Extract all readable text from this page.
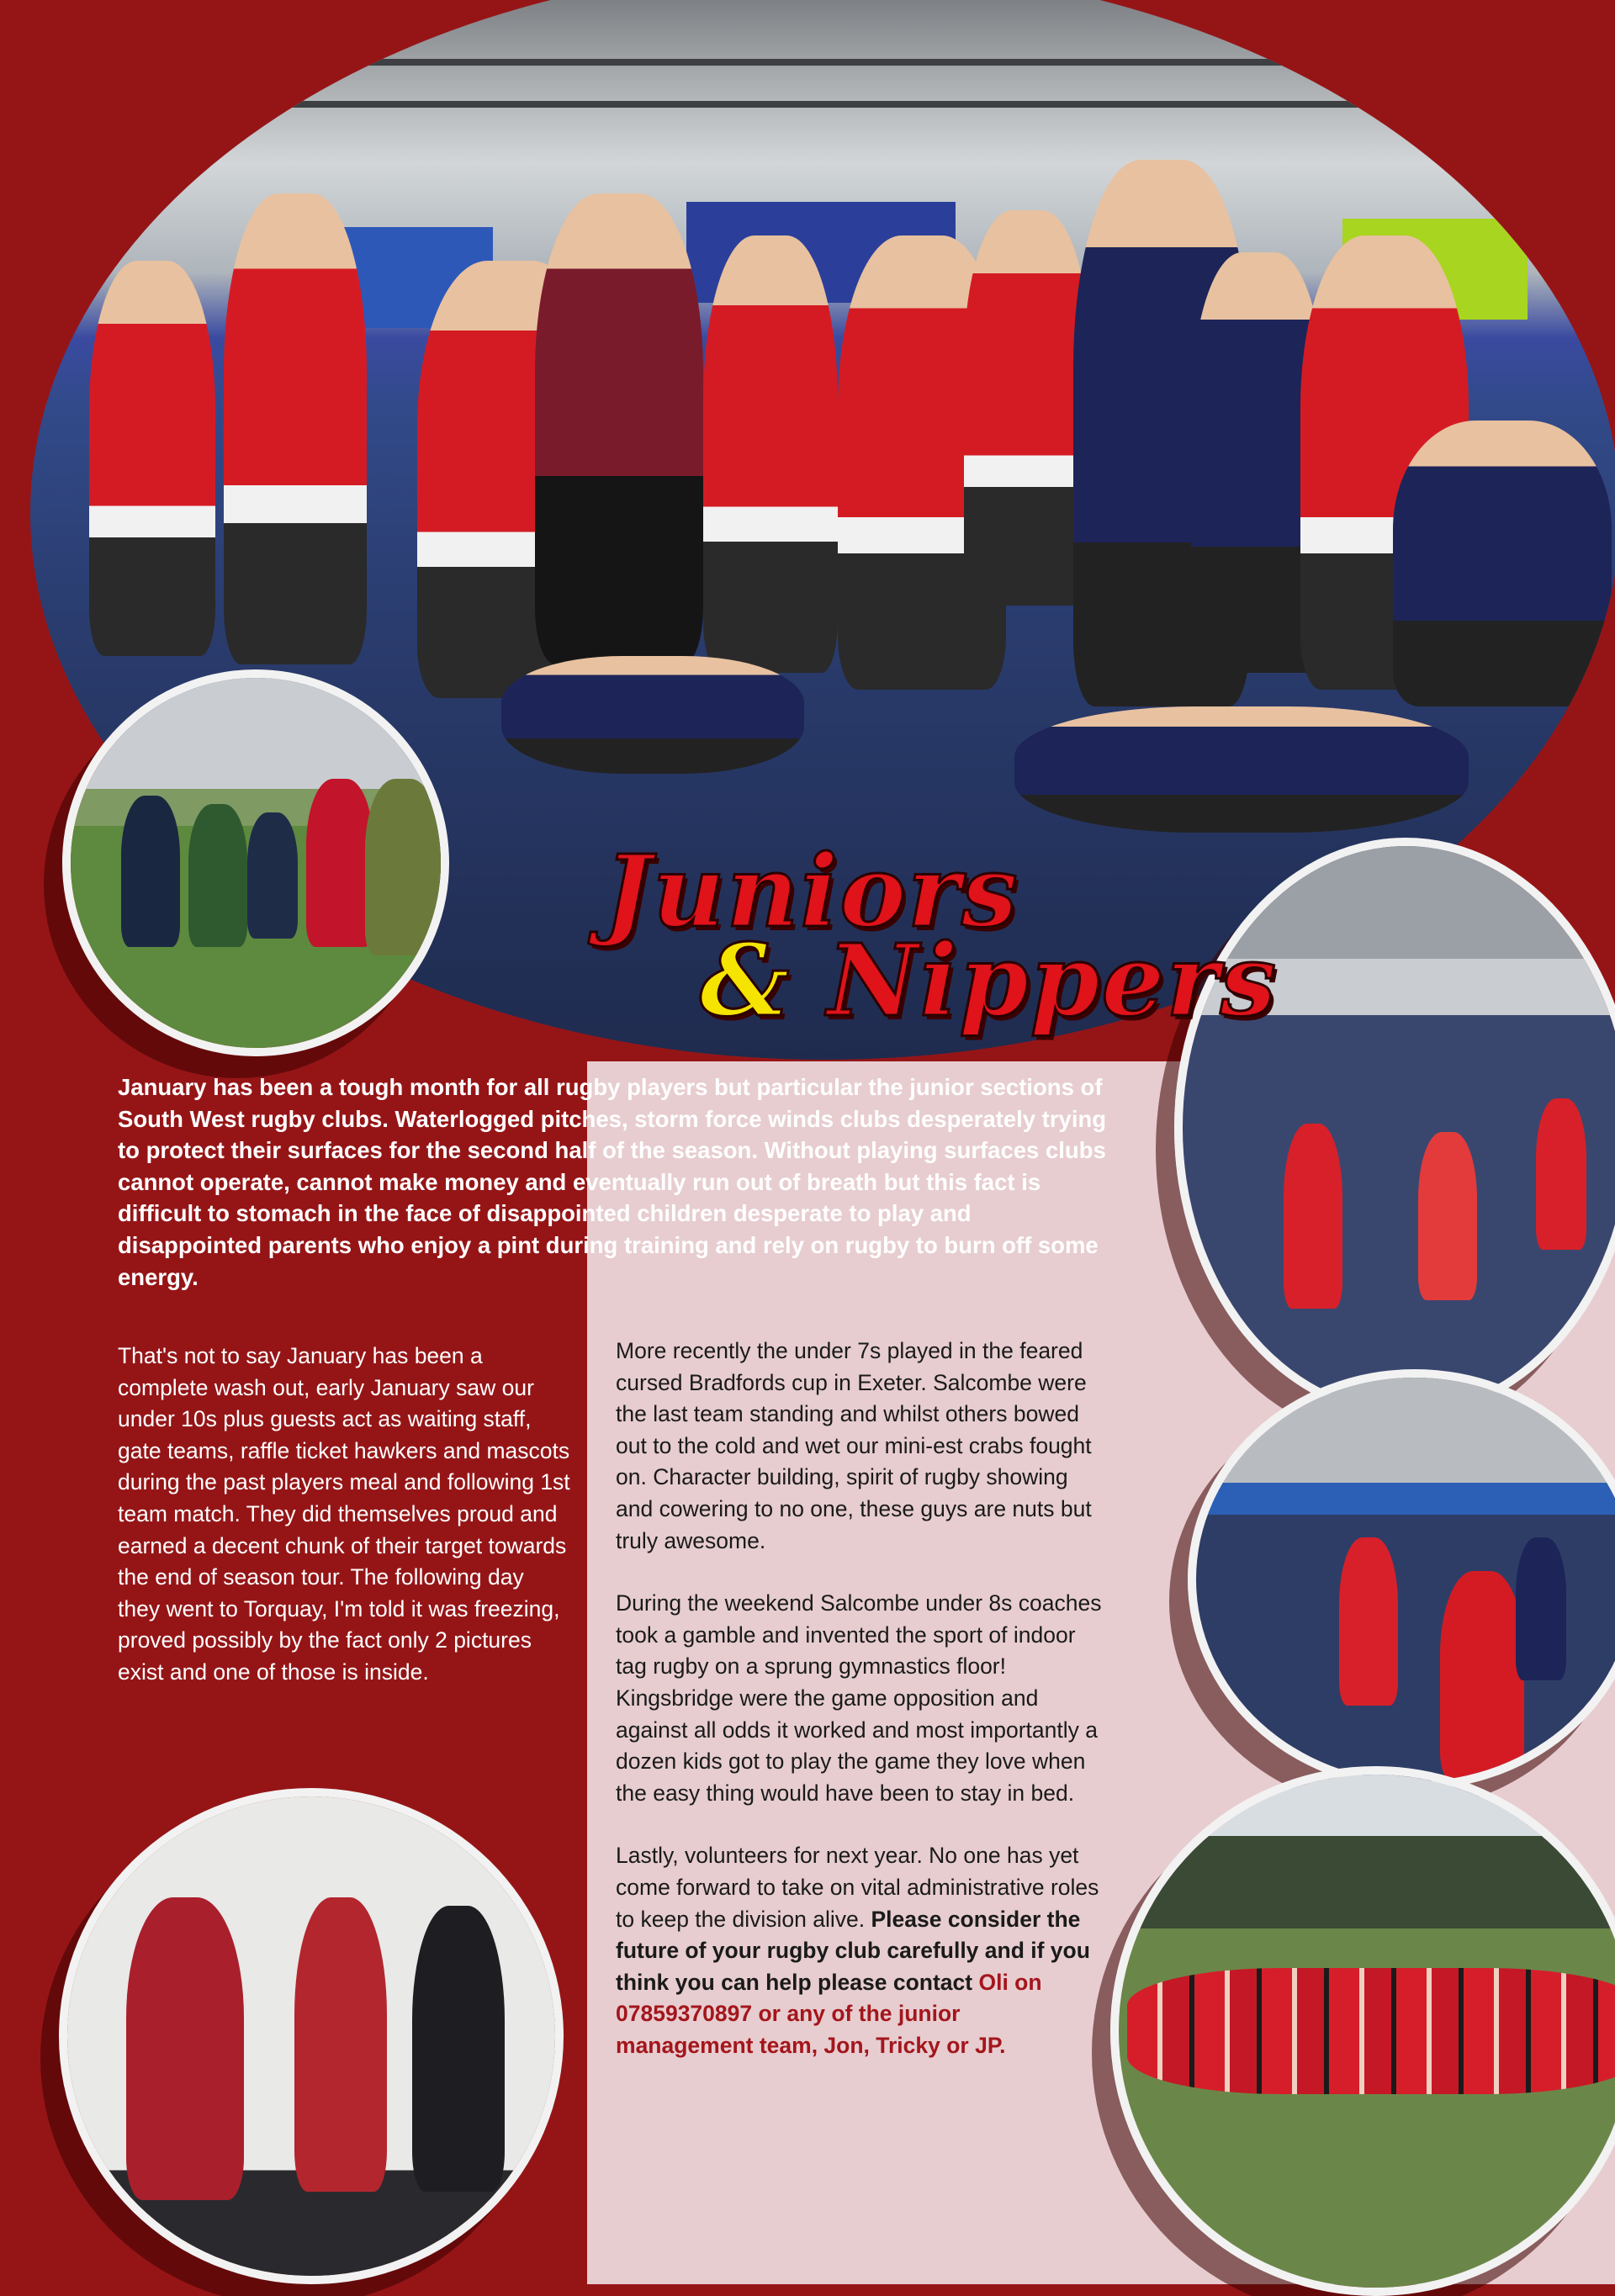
Juniors
& Nippers

January has been a tough month for all rugby players but particular the junior sections of South West rugby clubs. Waterlogged pitches, storm force winds clubs desperately trying to protect their surfaces for the second half of the season. Without playing surfaces clubs cannot operate, cannot make money and eventually run out of breath but this fact is difficult to stomach in the face of disappointed children desperate to play and disappointed parents who enjoy a pint during training and rely on rugby to burn off some energy.

That's not to say January has been a complete wash out, early January saw our under 10s plus guests act as waiting staff, gate teams, raffle ticket hawkers and mascots during the past players meal and following 1st team match. They did themselves proud and earned a decent chunk of their target towards the end of season tour. The following day they went to Torquay, I'm told it was freezing, proved possibly by the fact only 2 pictures exist and one of those is inside.

More recently the under 7s played in the feared cursed Bradfords cup in Exeter. Salcombe were the last team standing and whilst others bowed out to the cold and wet our mini-est crabs fought on. Character building, spirit of rugby showing and cowering to no one, these guys are nuts but truly awesome.

During the weekend Salcombe under 8s coaches took a gamble and invented the sport of indoor tag rugby on a sprung gymnastics floor! Kingsbridge were the game opposition and against all odds it worked and most importantly a dozen kids got to play the game they love when the easy thing would have been to stay in bed.

Lastly, volunteers for next year. No one has yet come forward to take on vital administrative roles to keep the division alive. Please consider the future of your rugby club carefully and if you think you can help please contact Oli on 07859370897 or any of the junior management team, Jon, Tricky or JP.
